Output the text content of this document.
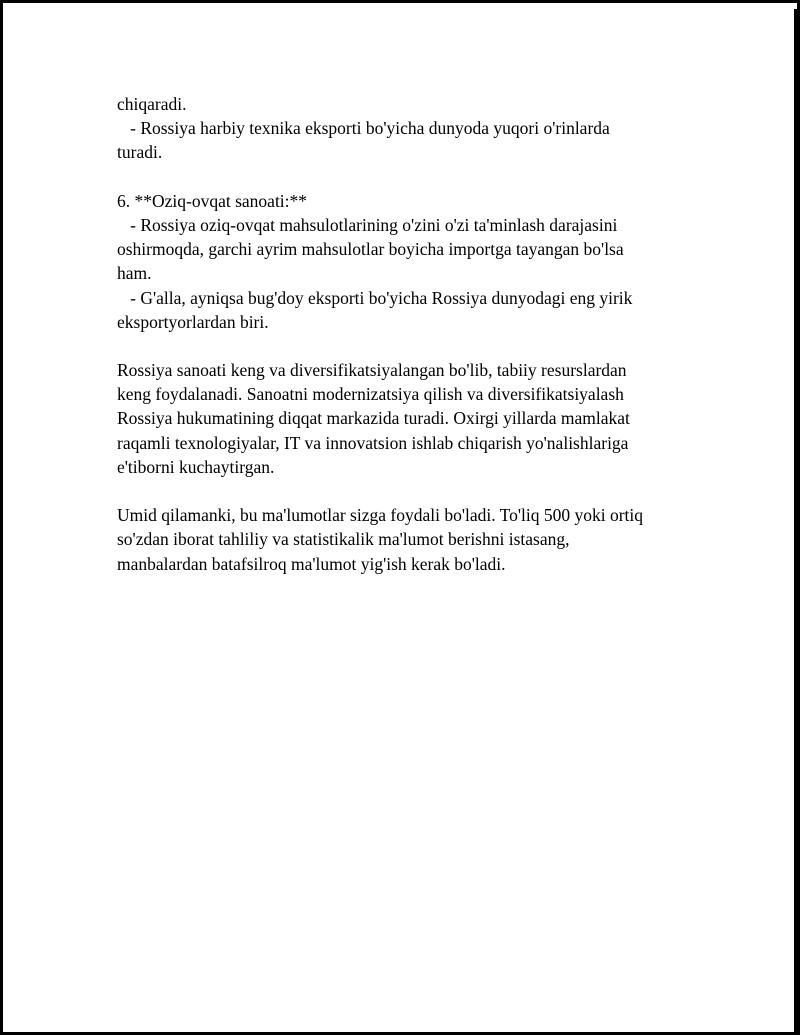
chiqaradi.
- Rossiya harbiy texnika eksporti bo'yicha dunyoda yuqori o'rinlarda
turadi.
6. **Oziq-ovqat sanoati:**
- Rossiya oziq-ovqat mahsulotlarining o'zini o'zi ta'minlash darajasini
oshirmoqda, garchi ayrim mahsulotlar boyicha importga tayangan bo'lsa
ham.
- G'alla, ayniqsa bug'doy eksporti bo'yicha Rossiya dunyodagi eng yirik
eksportyorlardan biri.
Rossiya sanoati keng va diversifikatsiyalangan bo'lib, tabiiy resurslardan
keng foydalanadi. Sanoatni modernizatsiya qilish va diversifikatsiyalash
Rossiya hukumatining diqqat markazida turadi. Oxirgi yillarda mamlakat
raqamli texnologiyalar, IT va innovatsion ishlab chiqarish yo'nalishlariga
e'tiborni kuchaytirgan.
Umid qilamanki, bu ma'lumotlar sizga foydali bo'ladi. To'liq 500 yoki ortiq
so'zdan iborat tahliliy va statistikalik ma'lumot berishni istasang,
manbalardan batafsilroq ma'lumot yig'ish kerak bo'ladi.
